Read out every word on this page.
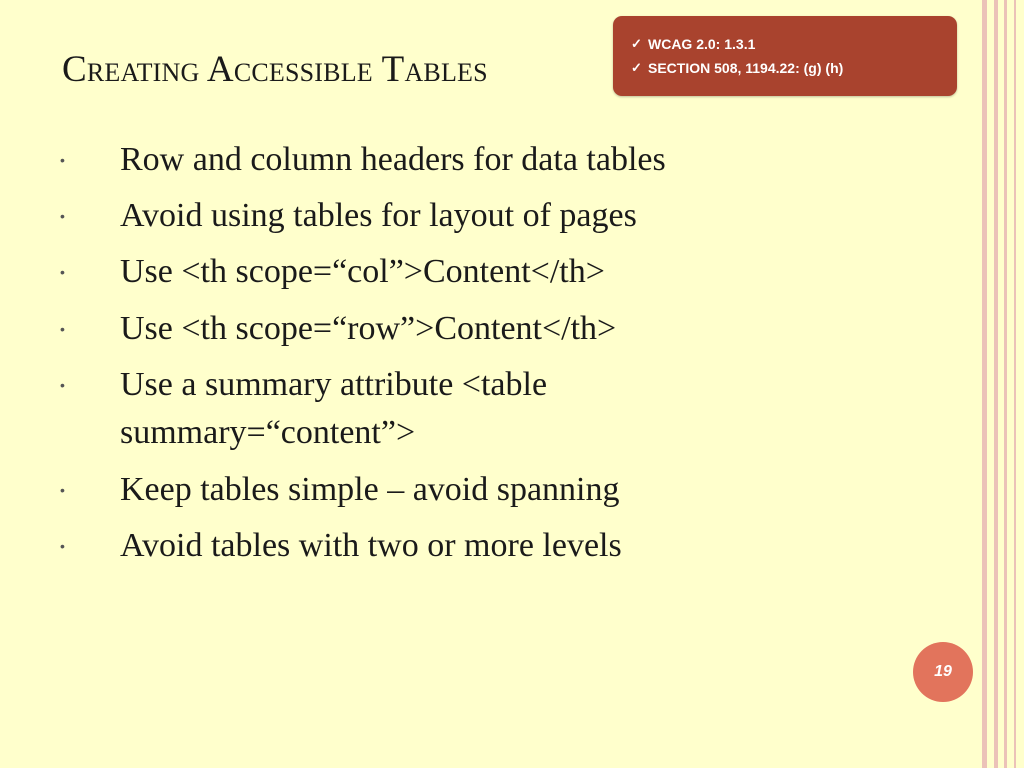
Creating Accessible Tables
✓ WCAG 2.0: 1.3.1
✓ SECTION 508, 1194.22: (g) (h)
• Row and column headers for data tables
• Avoid using tables for layout of pages
• Use <th scope=“col”>Content</th>
• Use <th scope=“row”>Content</th>
• Use a summary attribute <table summary=“content”>
• Keep tables simple – avoid spanning
• Avoid tables with two or more levels
19
